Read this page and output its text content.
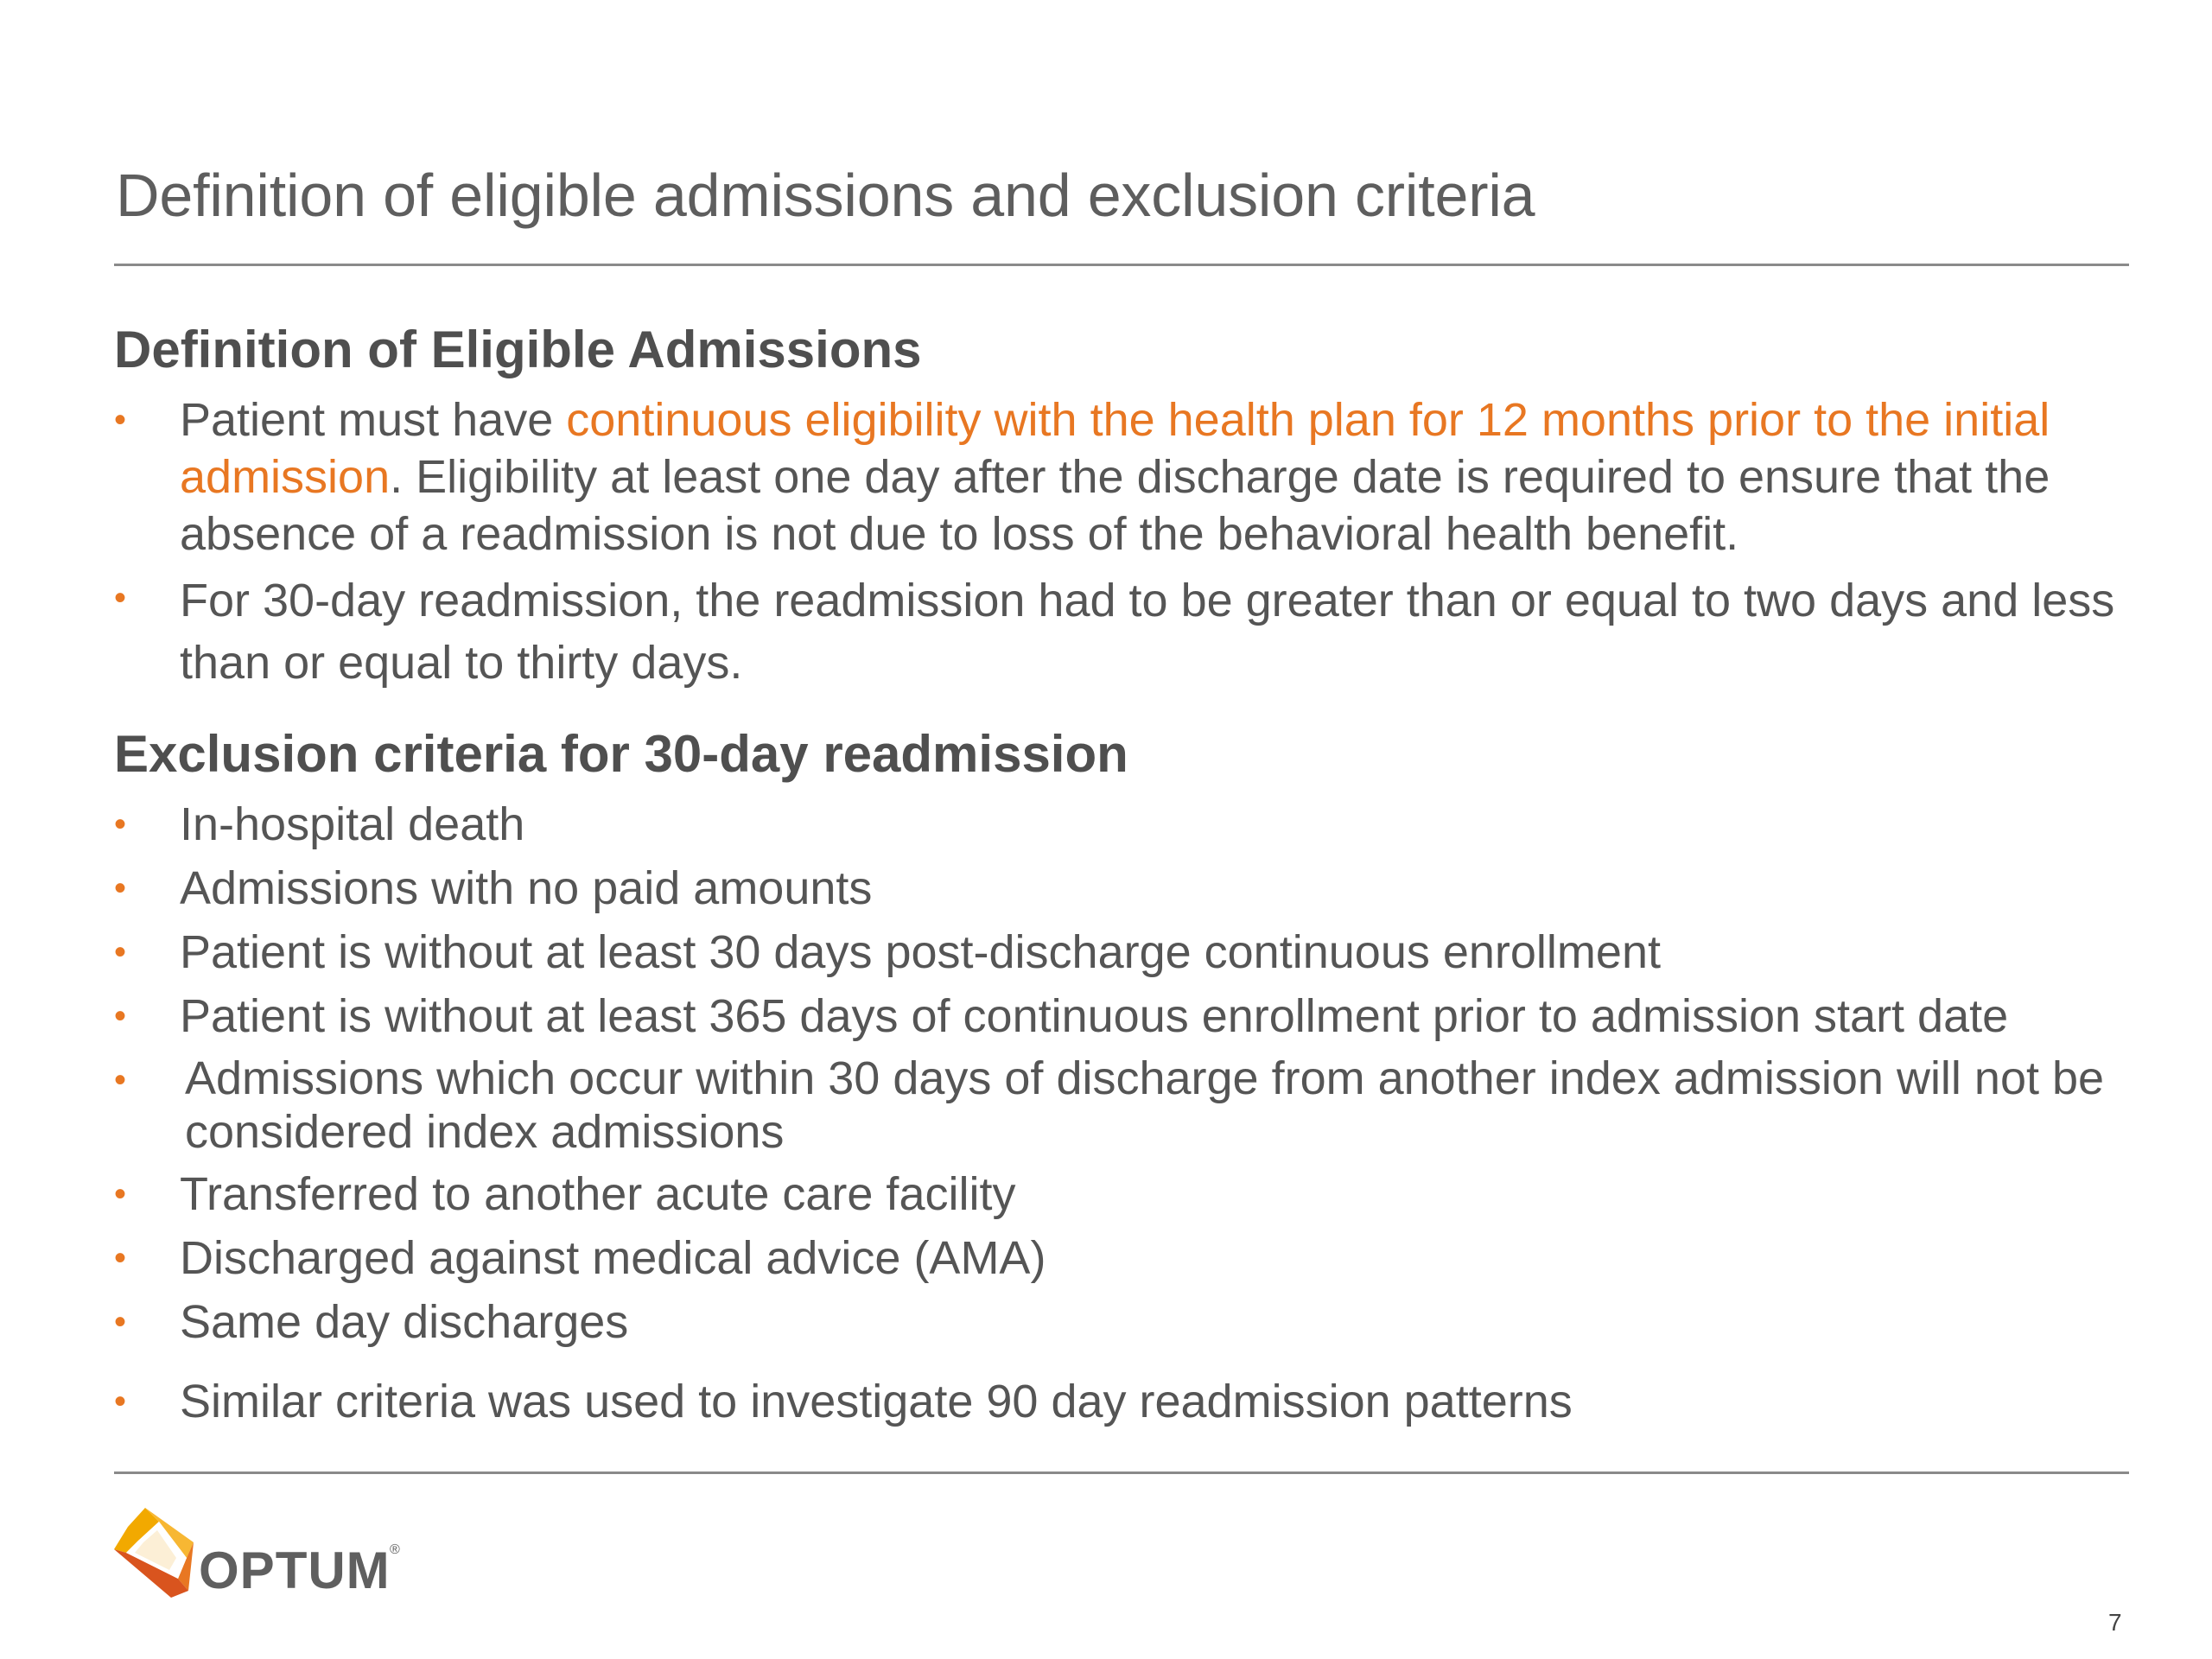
Definition of eligible admissions and exclusion criteria
Definition of Eligible Admissions
• Patient must have continuous eligibility with the health plan for 12 months prior to the initial admission. Eligibility at least one day after the discharge date is required to ensure that the absence of a readmission is not due to loss of the behavioral health benefit.
• For 30-day readmission, the readmission had to be greater than or equal to two days and less than or equal to thirty days.
Exclusion criteria for 30-day readmission
• In-hospital death
• Admissions with no paid amounts
• Patient is without at least 30 days post-discharge continuous enrollment
• Patient is without at least 365 days of continuous enrollment prior to admission start date
• Admissions which occur within 30 days of discharge from another index admission will not be considered index admissions
• Transferred to another acute care facility
• Discharged against medical advice (AMA)
• Same day discharges
• Similar criteria was used to investigate 90 day readmission patterns
OPTUM ®
7
